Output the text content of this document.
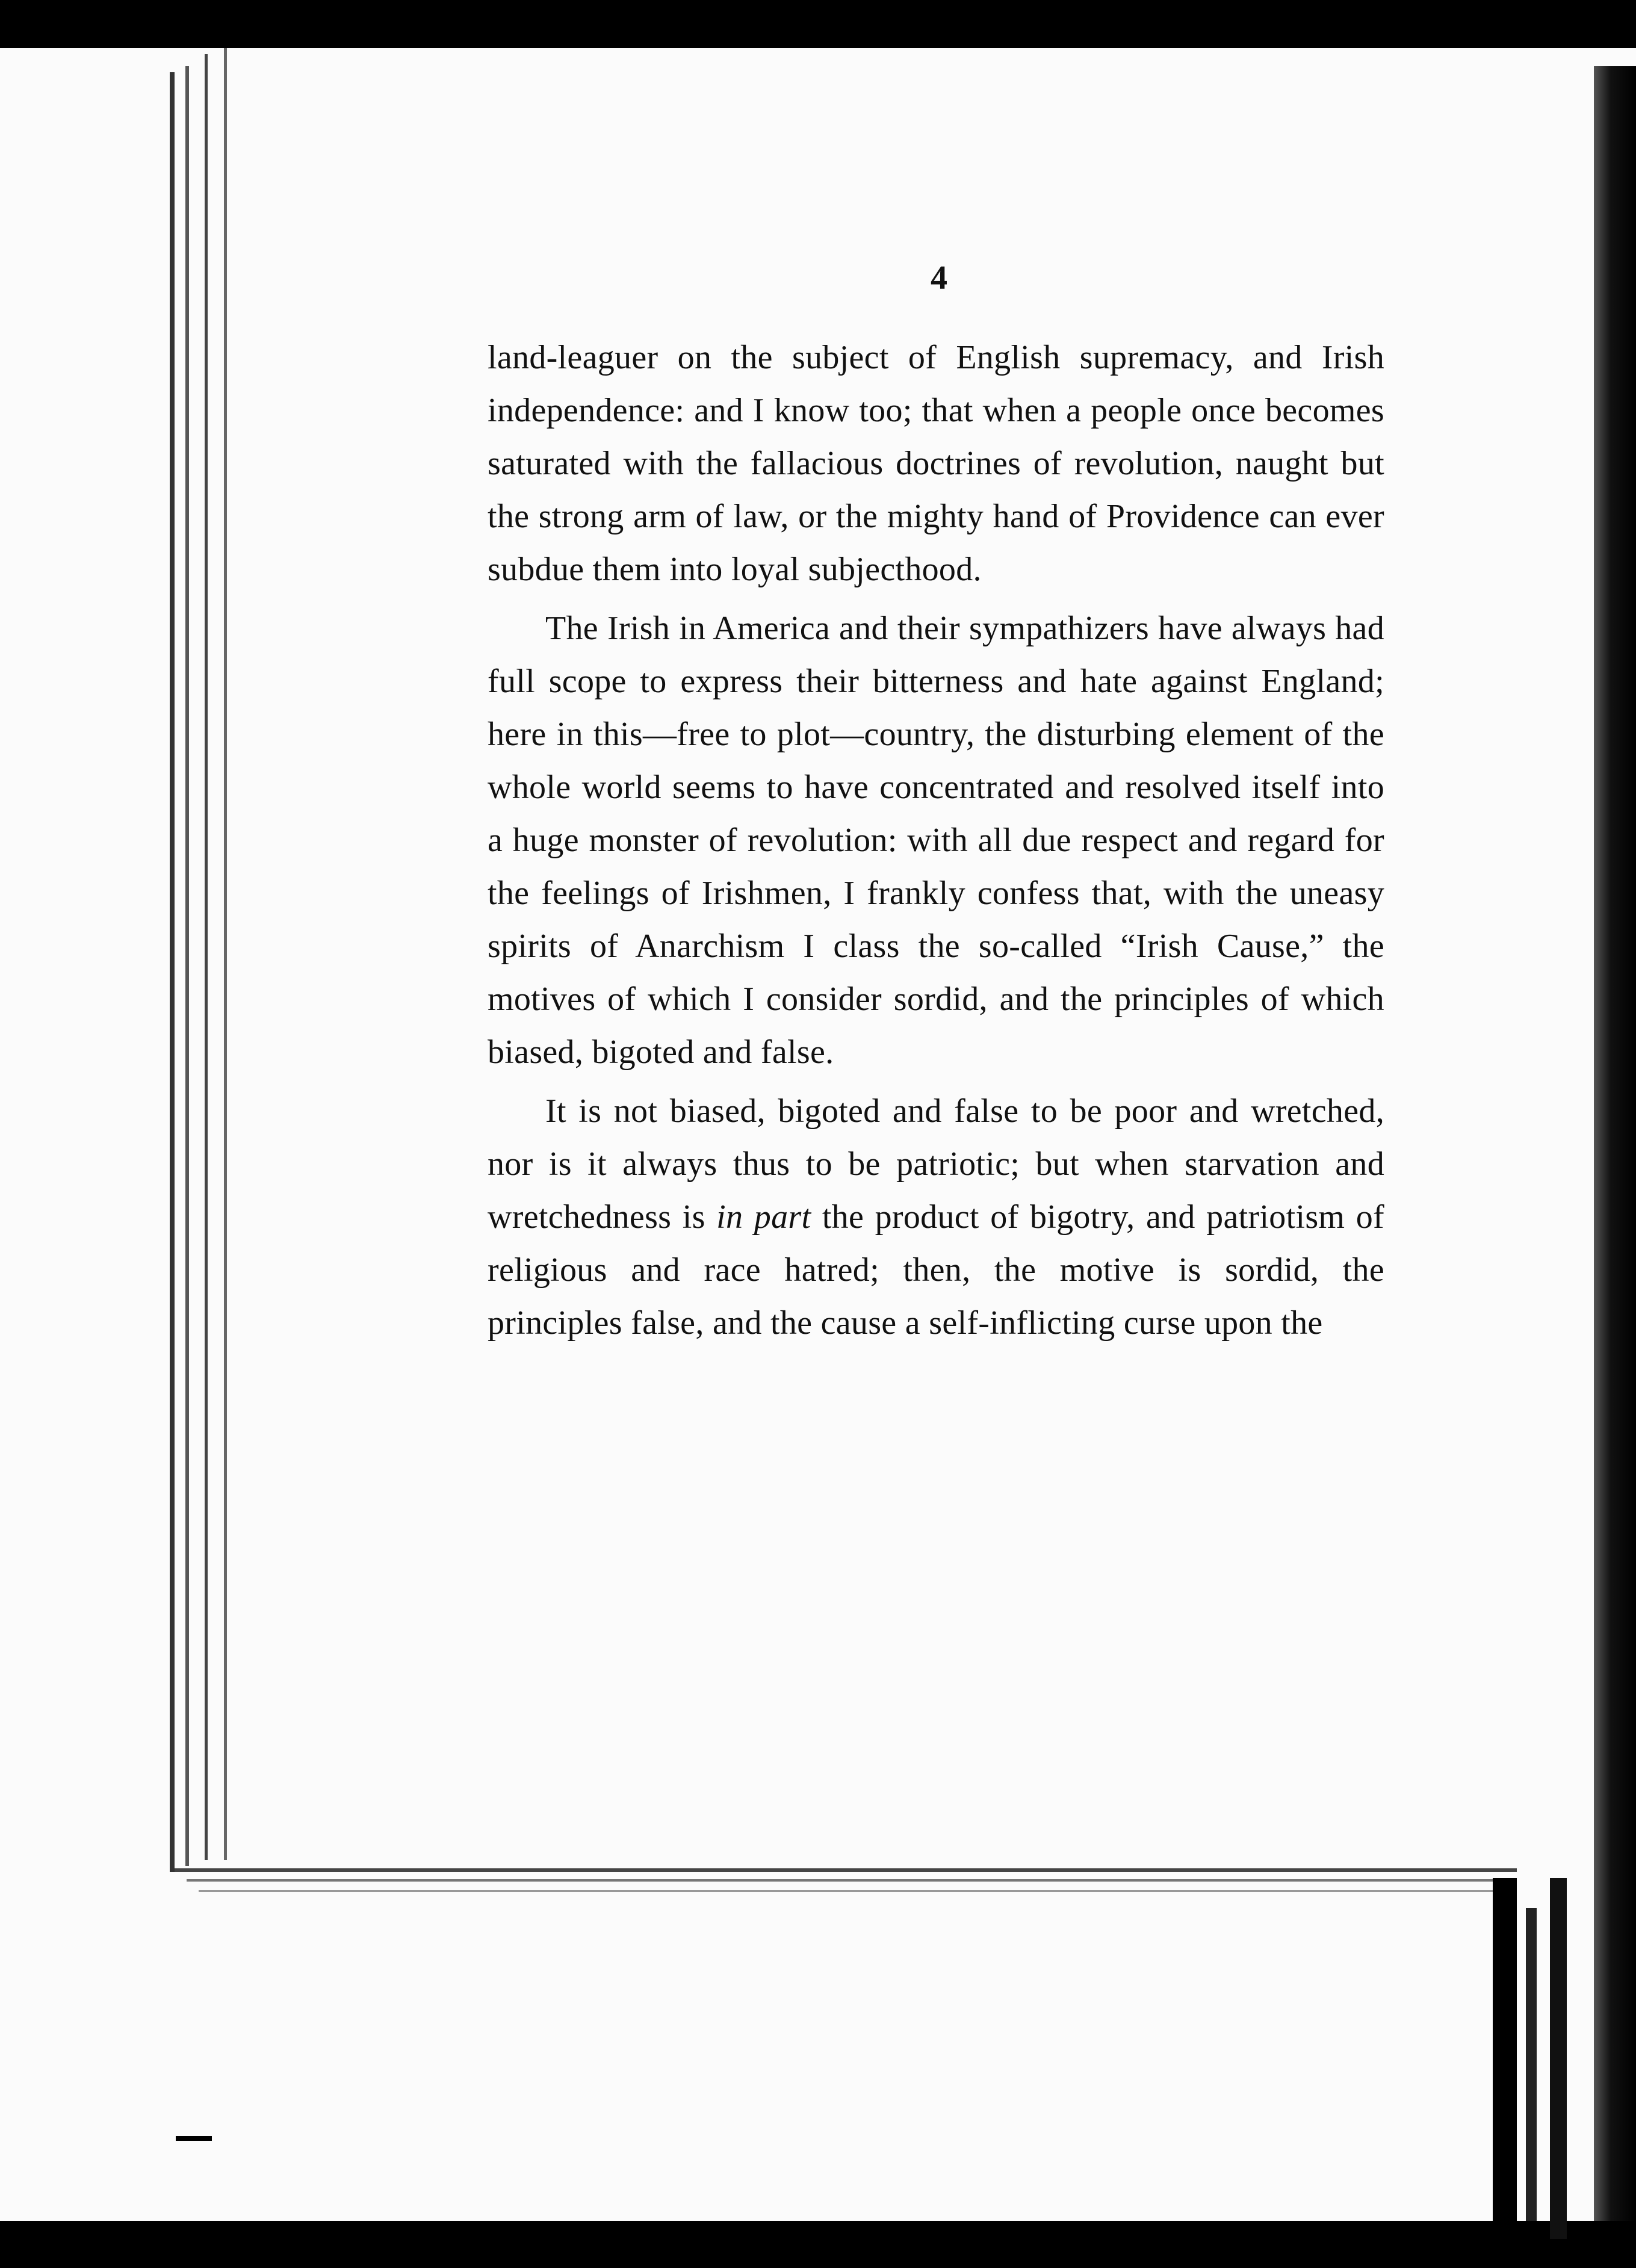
4

land-leaguer on the subject of English supremacy, and Irish independence: and I know too; that when a people once becomes saturated with the fallacious doctrines of revolution, naught but the strong arm of law, or the mighty hand of Providence can ever subdue them into loyal subjecthood.

The Irish in America and their sympathizers have always had full scope to express their bitterness and hate against England; here in this—free to plot—country, the disturbing element of the whole world seems to have concentrated and resolved itself into a huge monster of revolution: with all due respect and regard for the feelings of Irishmen, I frankly confess that, with the uneasy spirits of Anarchism I class the so-called “Irish Cause,” the motives of which I consider sordid, and the principles of which biased, bigoted and false.

It is not biased, bigoted and false to be poor and wretched, nor is it always thus to be patriotic; but when starvation and wretchedness is in part the product of bigotry, and patriotism of religious and race hatred; then, the motive is sordid, the principles false, and the cause a self-inflicting curse upon the
